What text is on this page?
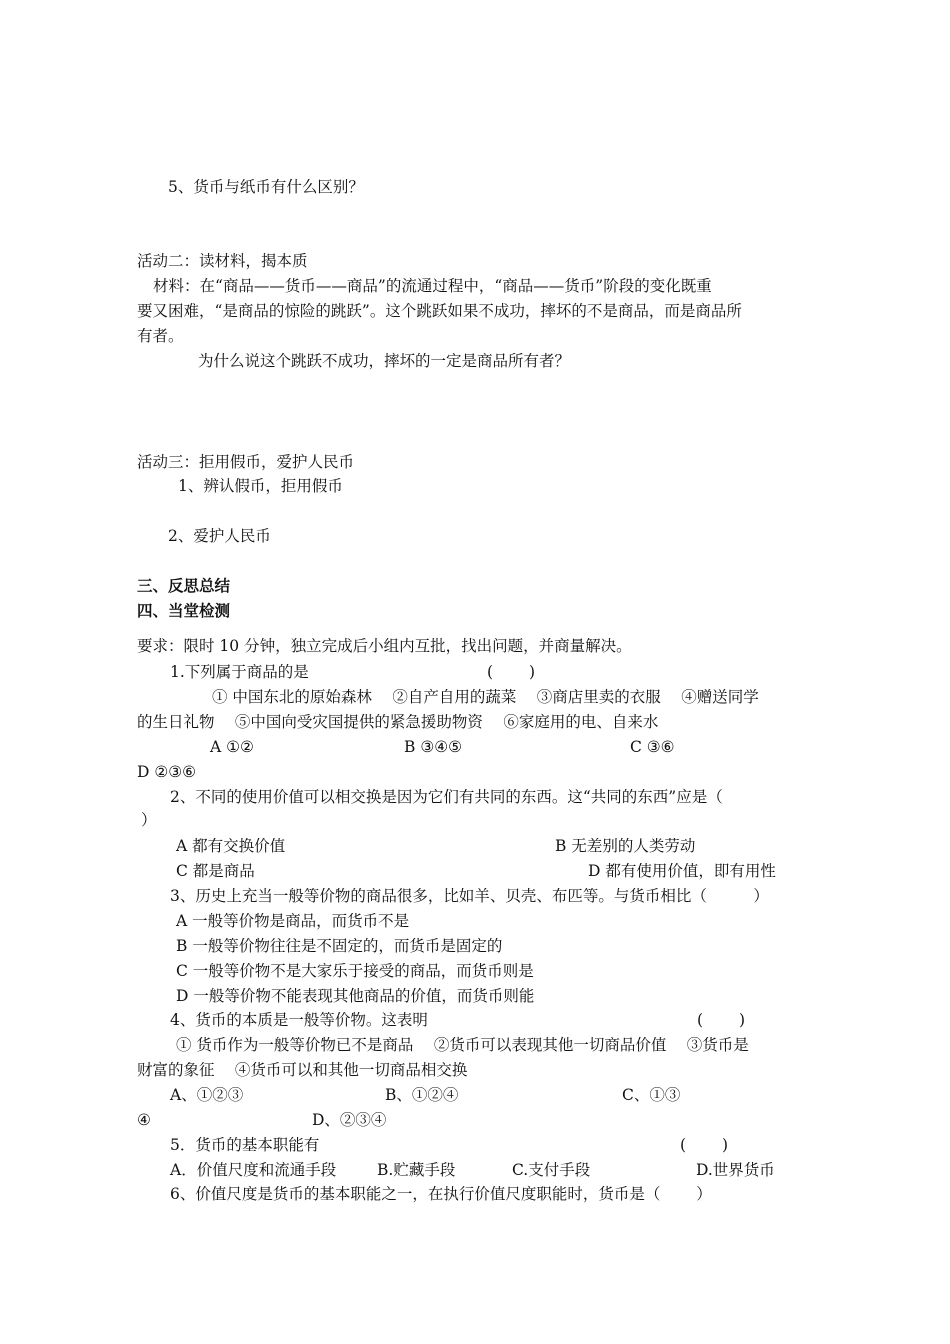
5、货币与纸币有什么区别？
活动二：读材料，揭本质
材料：在“商品——货币——商品”的流通过程中，“商品——货币”阶段的变化既重
要又困难，“是商品的惊险的跳跃”。这个跳跃如果不成功，摔坏的不是商品，而是商品所
有者。
为什么说这个跳跃不成功，摔坏的一定是商品所有者？
活动三：拒用假币，爱护人民币
1、辨认假币，拒用假币
2、爱护人民币
三、反思总结
四、当堂检测
要求：限时 10 分钟，独立完成后小组内互批，找出问题，并商量解决。
1.下列属于商品的是	(　　 )
① 中国东北的原始森林　 ②自产自用的蔬菜　 ③商店里卖的衣服　 ④赠送同学
的生日礼物　 ⑤中国向受灾国提供的紧急援助物资　 ⑥家庭用的电、自来水
A ①②	B ③④⑤	C ③⑥
D ②③⑥
2、不同的使用价值可以相交换是因为它们有共同的东西。这“共同的东西”应是（
）
A 都有交换价值	B 无差别的人类劳动
C 都是商品	D 都有使用价值，即有用性
3、历史上充当一般等价物的商品很多，比如羊、贝壳、布匹等。与货币相比（　　　）
A 一般等价物是商品，而货币不是
B 一般等价物往往是不固定的，而货币是固定的
C 一般等价物不是大家乐于接受的商品，而货币则是
D 一般等价物不能表现其他商品的价值，而货币则能
4、货币的本质是一般等价物。这表明	(　　 )
① 货币作为一般等价物已不是商品　 ②货币可以表现其他一切商品价值　 ③货币是
财富的象征　 ④货币可以和其他一切商品相交换
A、①②③	B、①②④	C、①③
④	D、②③④
5．货币的基本职能有	(　　 )
A．价值尺度和流通手段	B.贮藏手段	C.支付手段	D.世界货币
6、价值尺度是货币的基本职能之一，在执行价值尺度职能时，货币是（　　 ）
